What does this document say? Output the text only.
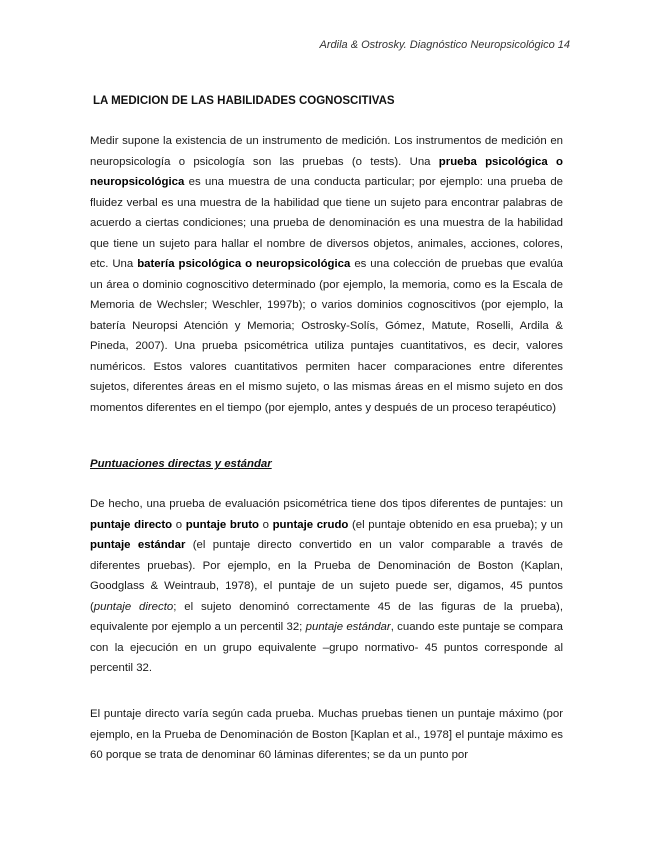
Ardila & Ostrosky. Diagnóstico Neuropsicológico 14
LA MEDICION DE LAS HABILIDADES COGNOSCITIVAS

Medir supone la existencia de un instrumento de medición. Los instrumentos de medición en neuropsicología o psicología son las pruebas (o tests). Una prueba psicológica o neuropsicológica es una muestra de una conducta particular; por ejemplo: una prueba de fluidez verbal es una muestra de la habilidad que tiene un sujeto para encontrar palabras de acuerdo a ciertas condiciones; una prueba de denominación es una muestra de la habilidad que tiene un sujeto para hallar el nombre de diversos objetos, animales, acciones, colores, etc. Una batería psicológica o neuropsicológica es una colección de pruebas que evalúa un área o dominio cognoscitivo determinado (por ejemplo, la memoria, como es la Escala de Memoria de Wechsler; Weschler, 1997b); o varios dominios cognoscitivos (por ejemplo, la batería Neuropsi Atención y Memoria; Ostrosky-Solís, Gómez, Matute, Roselli, Ardila & Pineda, 2007). Una prueba psicométrica utiliza puntajes cuantitativos, es decir, valores numéricos. Estos valores cuantitativos permiten hacer comparaciones entre diferentes sujetos, diferentes áreas en el mismo sujeto, o las mismas áreas en el mismo sujeto en dos momentos diferentes en el tiempo (por ejemplo, antes y después de un proceso terapéutico)

Puntuaciones directas y estándar

De hecho, una prueba de evaluación psicométrica tiene dos tipos diferentes de puntajes: un puntaje directo o puntaje bruto o puntaje crudo (el puntaje obtenido en esa prueba); y un puntaje estándar (el puntaje directo convertido en un valor comparable a través de diferentes pruebas). Por ejemplo, en la Prueba de Denominación de Boston (Kaplan, Goodglass & Weintraub, 1978), el puntaje de un sujeto puede ser, digamos, 45 puntos (puntaje directo; el sujeto denominó correctamente 45 de las figuras de la prueba), equivalente por ejemplo a un percentil 32; puntaje estándar, cuando este puntaje se compara con la ejecución en un grupo equivalente –grupo normativo- 45 puntos corresponde al percentil 32.

El puntaje directo varía según cada prueba. Muchas pruebas tienen un puntaje máximo (por ejemplo, en la Prueba de Denominación de Boston [Kaplan et al., 1978] el puntaje máximo es 60 porque se trata de denominar 60 láminas diferentes; se da un punto por
